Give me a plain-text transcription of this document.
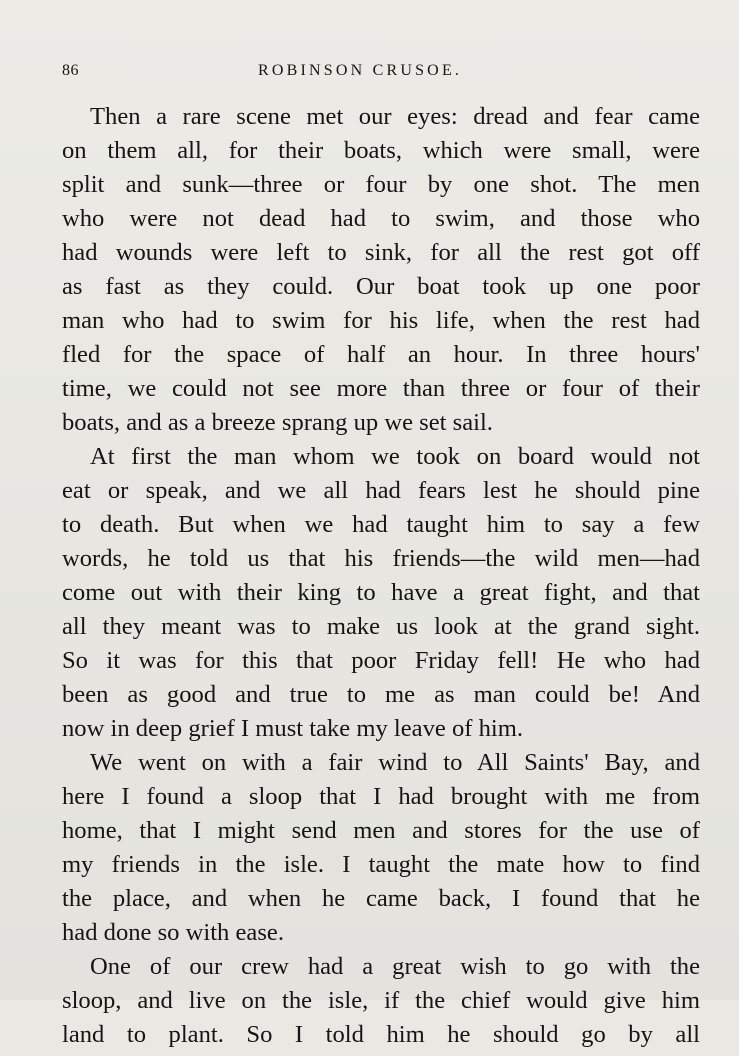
86	ROBINSON CRUSOE.
Then a rare scene met our eyes: dread and fear came
on them all, for their boats, which were small, were
split and sunk—three or four by one shot. The men
who were not dead had to swim, and those who
had wounds were left to sink, for all the rest got off
as fast as they could. Our boat took up one poor
man who had to swim for his life, when the rest had
fled for the space of half an hour. In three hours'
time, we could not see more than three or four of their
boats, and as a breeze sprang up we set sail.
At first the man whom we took on board would not
eat or speak, and we all had fears lest he should pine
to death. But when we had taught him to say a few
words, he told us that his friends—the wild men—had
come out with their king to have a great fight, and that
all they meant was to make us look at the grand sight.
So it was for this that poor Friday fell! He who had
been as good and true to me as man could be! And
now in deep grief I must take my leave of him.
We went on with a fair wind to All Saints' Bay, and
here I found a sloop that I had brought with me from
home, that I might send men and stores for the use of
my friends in the isle. I taught the mate how to find
the place, and when he came back, I found that he
had done so with ease.
One of our crew had a great wish to go with the
sloop, and live on the isle, if the chief would give him
land to plant. So I told him he should go by all
